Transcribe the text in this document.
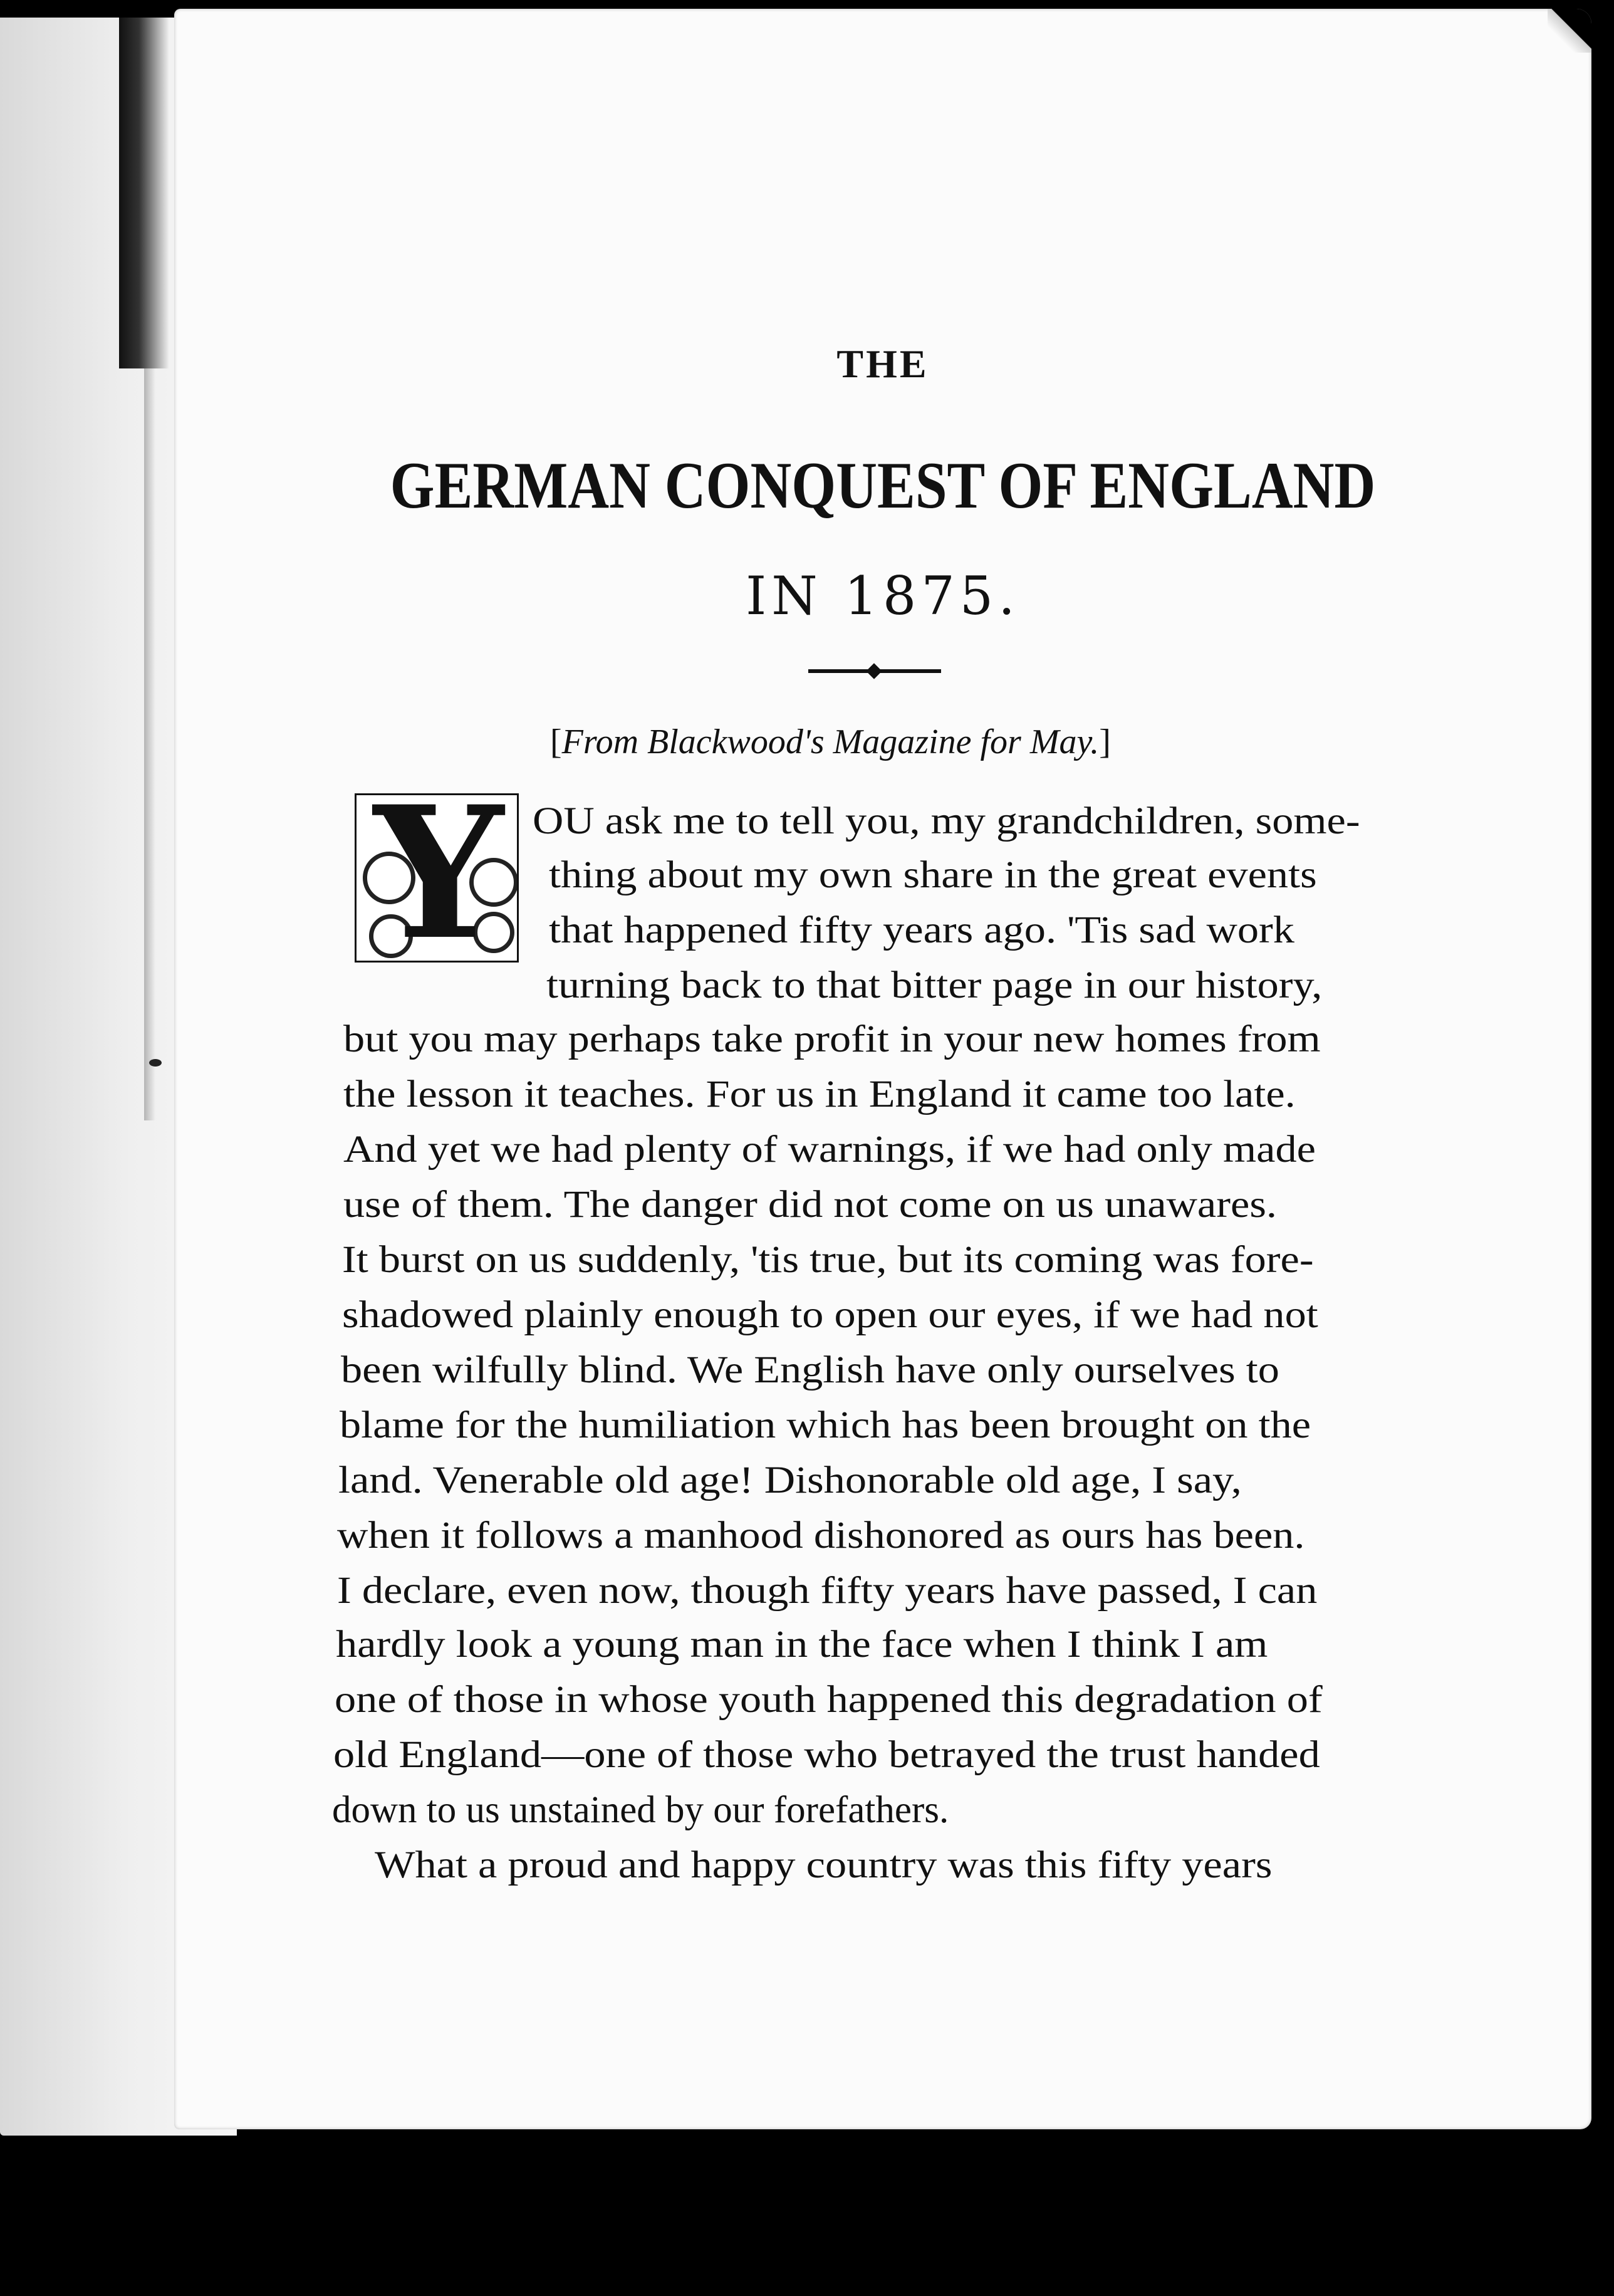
THE
GERMAN CONQUEST OF ENGLAND
IN 1875.
[From Blackwood's Magazine for May.]
Y OU ask me to tell you, my grandchildren, some-
thing about my own share in the great events
that happened fifty years ago. 'Tis sad work
turning back to that bitter page in our history,
but you may perhaps take profit in your new homes from
the lesson it teaches. For us in England it came too late.
And yet we had plenty of warnings, if we had only made
use of them. The danger did not come on us unawares.
It burst on us suddenly, 'tis true, but its coming was fore-
shadowed plainly enough to open our eyes, if we had not
been wilfully blind. We English have only ourselves to
blame for the humiliation which has been brought on the
land. Venerable old age! Dishonorable old age, I say,
when it follows a manhood dishonored as ours has been.
I declare, even now, though fifty years have passed, I can
hardly look a young man in the face when I think I am
one of those in whose youth happened this degradation of
old England—one of those who betrayed the trust handed
down to us unstained by our forefathers.
What a proud and happy country was this fifty years
